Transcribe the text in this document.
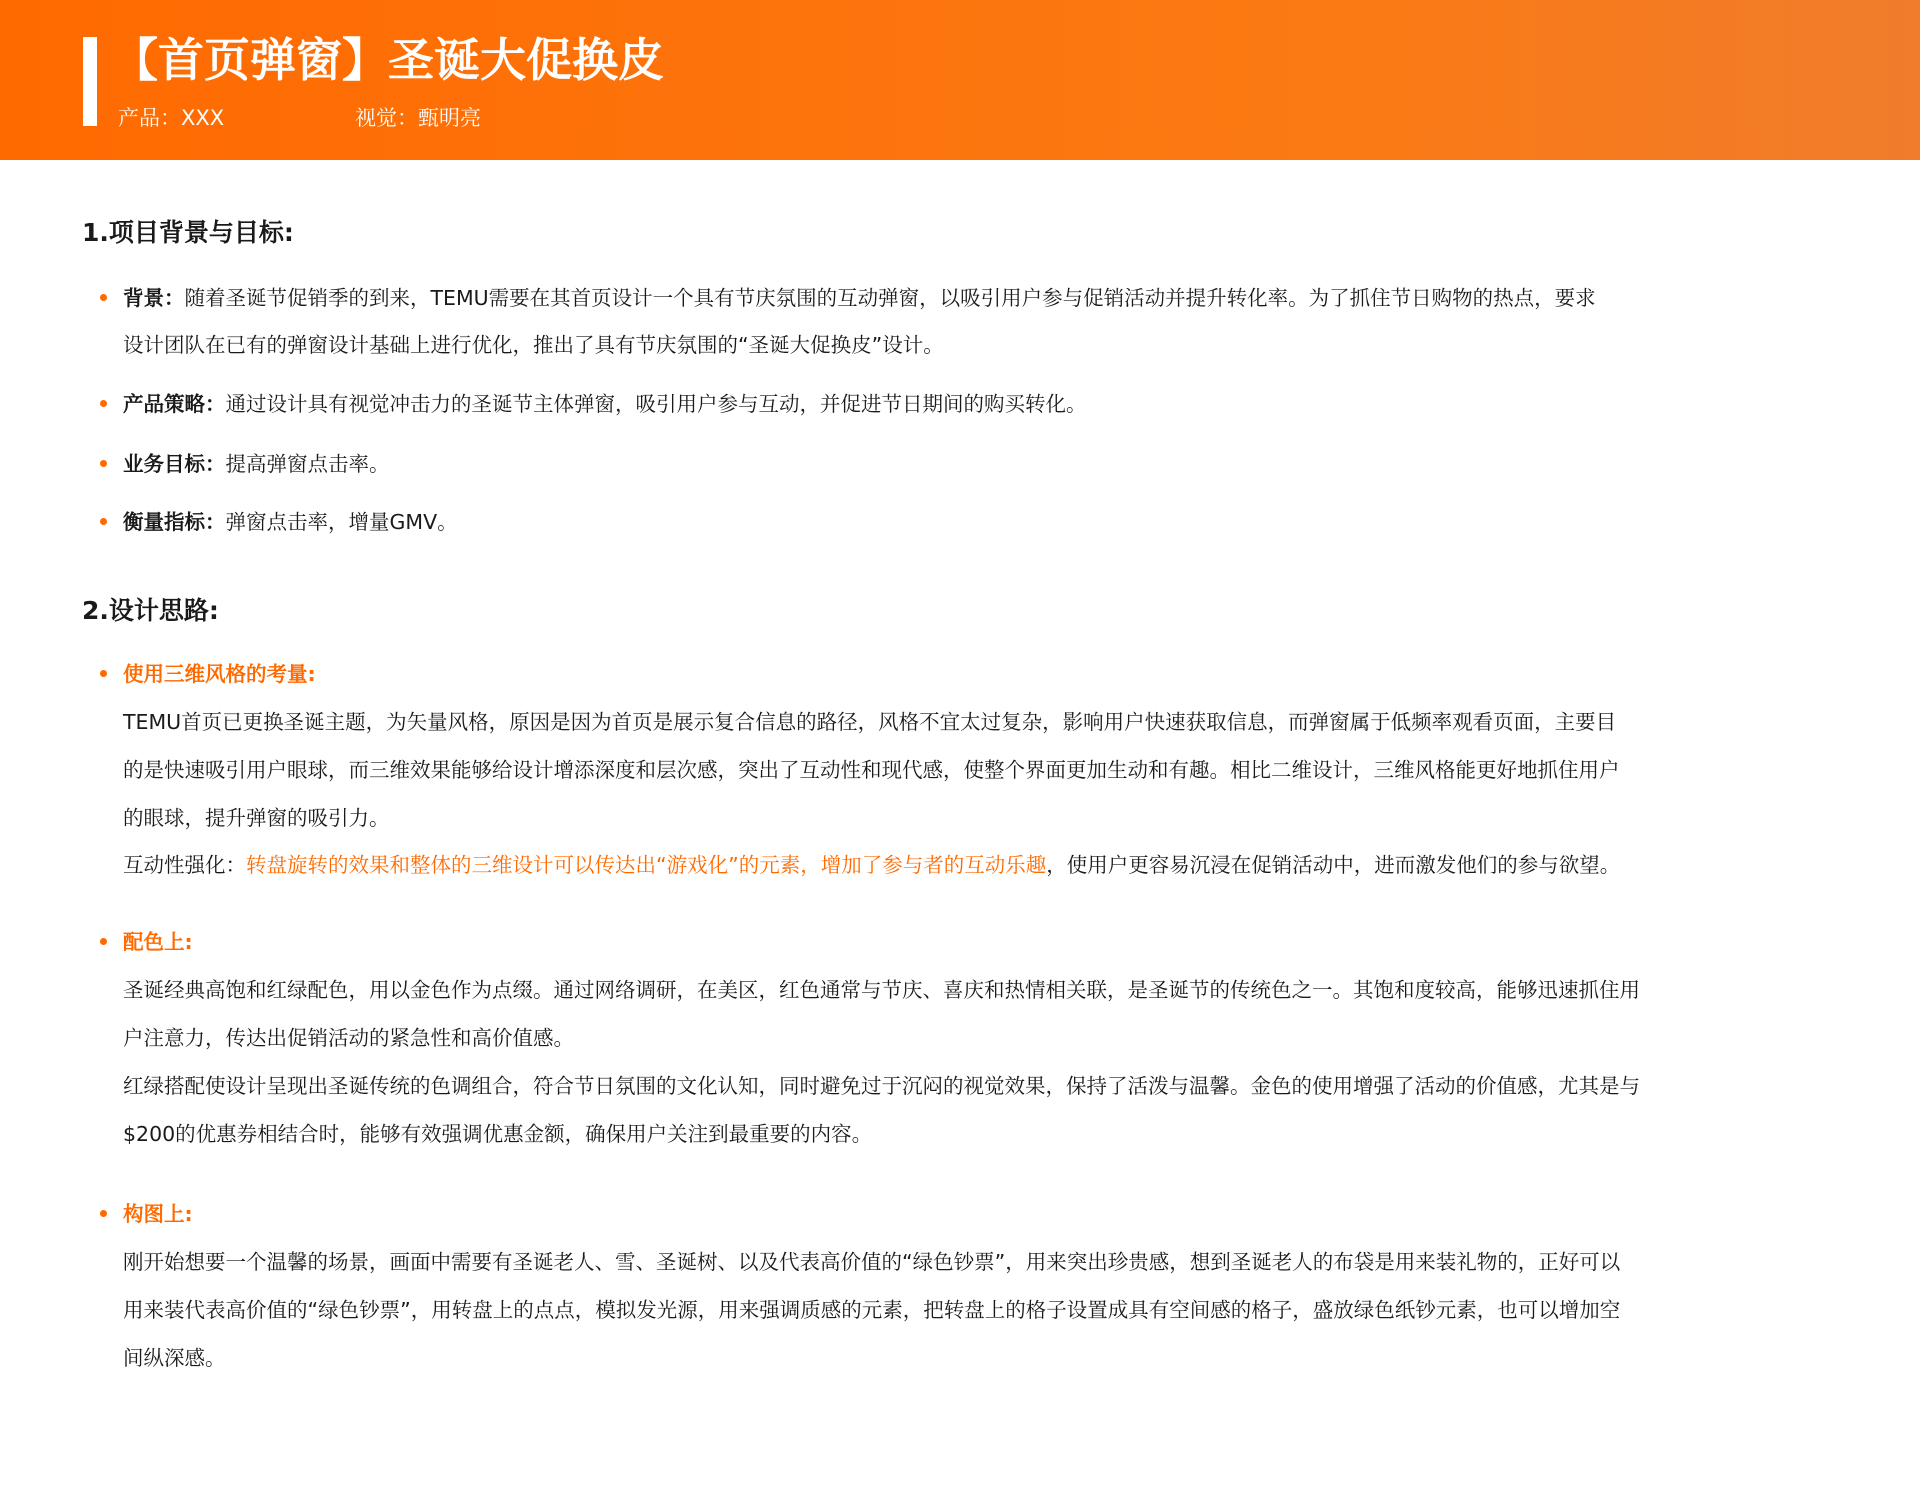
【首页弹窗】圣诞大促换皮
产品：XXX	视觉：甄明亮
1.项目背景与目标:
背景：随着圣诞节促销季的到来，TEMU需要在其首页设计一个具有节庆氛围的互动弹窗，以吸引用户参与促销活动并提升转化率。为了抓住节日购物的热点，要求
设计团队在已有的弹窗设计基础上进行优化，推出了具有节庆氛围的“圣诞大促换皮”设计。
产品策略：通过设计具有视觉冲击力的圣诞节主体弹窗，吸引用户参与互动，并促进节日期间的购买转化。
业务目标：提高弹窗点击率。
衡量指标：弹窗点击率，增量GMV。
2.设计思路:
使用三维风格的考量:
TEMU首页已更换圣诞主题，为矢量风格，原因是因为首页是展示复合信息的路径，风格不宜太过复杂，影响用户快速获取信息，而弹窗属于低频率观看页面，主要目
的是快速吸引用户眼球，而三维效果能够给设计增添深度和层次感，突出了互动性和现代感，使整个界面更加生动和有趣。相比二维设计，三维风格能更好地抓住用户
的眼球，提升弹窗的吸引力。
互动性强化：转盘旋转的效果和整体的三维设计可以传达出“游戏化”的元素，增加了参与者的互动乐趣，使用户更容易沉浸在促销活动中，进而激发他们的参与欲望。
配色上:
圣诞经典高饱和红绿配色，用以金色作为点缀。通过网络调研，在美区，红色通常与节庆、喜庆和热情相关联，是圣诞节的传统色之一。其饱和度较高，能够迅速抓住用
户注意力，传达出促销活动的紧急性和高价值感。
红绿搭配使设计呈现出圣诞传统的色调组合，符合节日氛围的文化认知，同时避免过于沉闷的视觉效果，保持了活泼与温馨。金色的使用增强了活动的价值感，尤其是与
$200的优惠券相结合时，能够有效强调优惠金额，确保用户关注到最重要的内容。
构图上:
刚开始想要一个温馨的场景，画面中需要有圣诞老人、雪、圣诞树、以及代表高价值的“绿色钞票”，用来突出珍贵感，想到圣诞老人的布袋是用来装礼物的，正好可以
用来装代表高价值的“绿色钞票”，用转盘上的点点，模拟发光源，用来强调质感的元素，把转盘上的格子设置成具有空间感的格子，盛放绿色纸钞元素，也可以增加空
间纵深感。
